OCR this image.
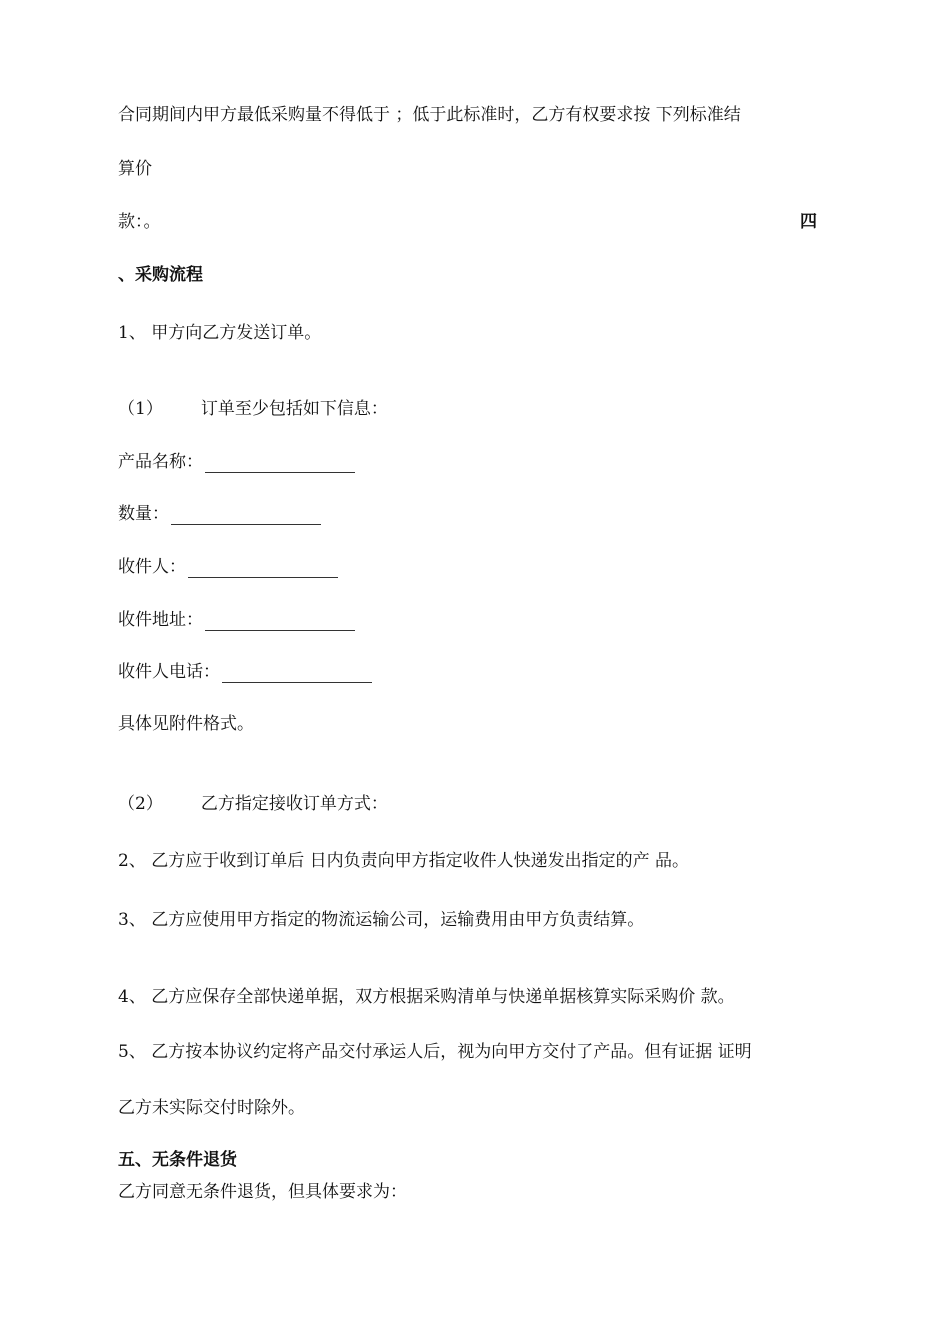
合同期间内甲方最低采购量不得低于 ；低于此标准时，乙方有权要求按 下列标准结
算价
款：。	四
、采购流程
1、 甲方向乙方发送订单。
（1） 订单至少包括如下信息：
产品名称：
数量：
收件人：
收件地址：
收件人电话：
具体见附件格式。
（2） 乙方指定接收订单方式：
2、 乙方应于收到订单后 日内负责向甲方指定收件人快递发出指定的产 品。
3、 乙方应使用甲方指定的物流运输公司，运输费用由甲方负责结算。
4、 乙方应保存全部快递单据，双方根据采购清单与快递单据核算实际采购价 款。
5、 乙方按本协议约定将产品交付承运人后，视为向甲方交付了产品。但有证据 证明
乙方未实际交付时除外。
五、无条件退货
乙方同意无条件退货，但具体要求为：
